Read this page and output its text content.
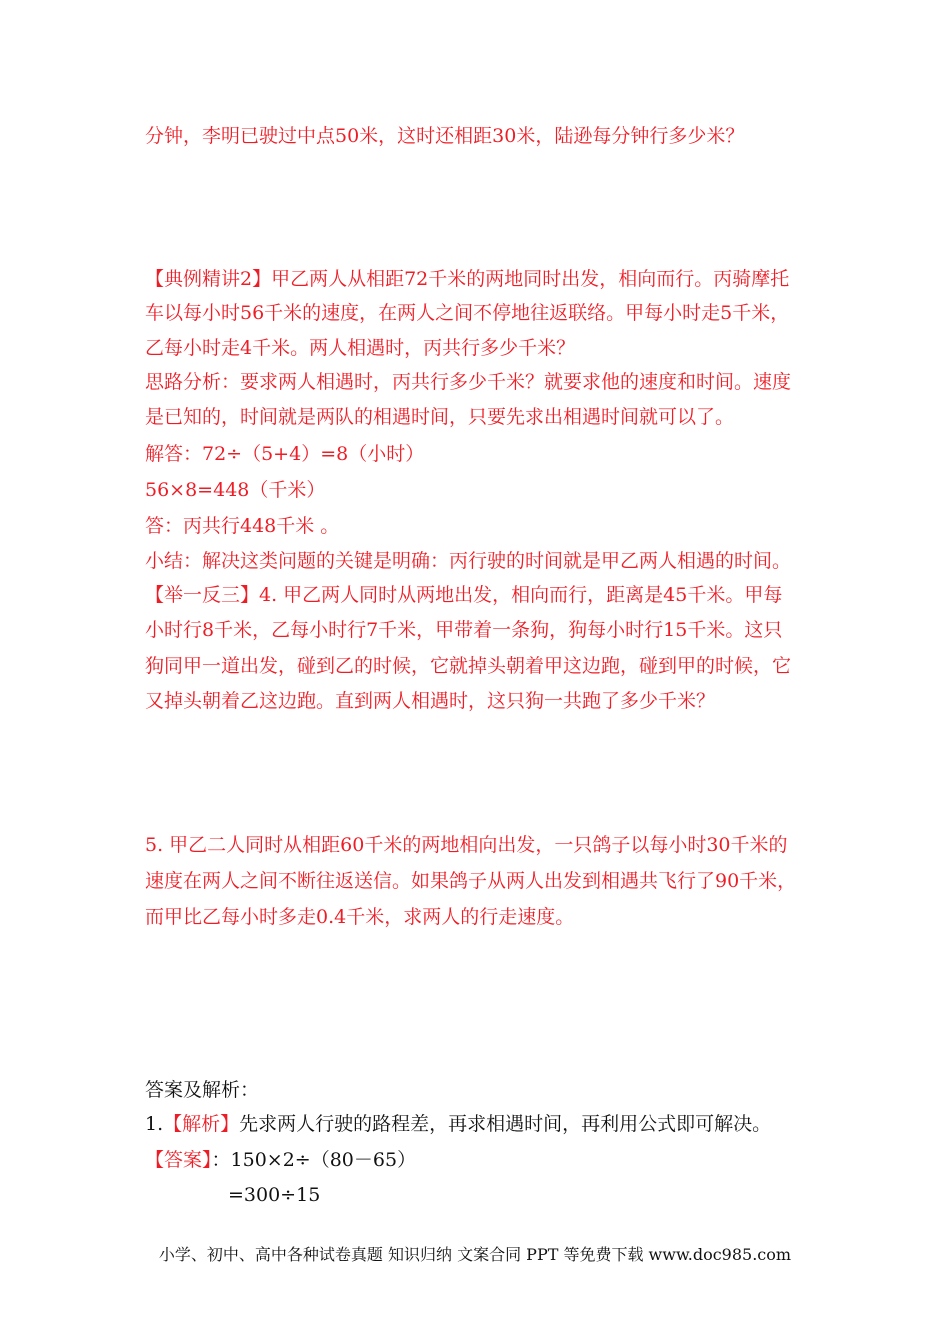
分钟，李明已驶过中点50米，这时还相距30米，陆逊每分钟行多少米？
【典例精讲2】甲乙两人从相距72千米的两地同时出发，相向而行。丙骑摩托
车以每小时56千米的速度，在两人之间不停地往返联络。甲每小时走5千米，
乙每小时走4千米。两人相遇时，丙共行多少千米？
思路分析：要求两人相遇时，丙共行多少千米？就要求他的速度和时间。速度
是已知的，时间就是两队的相遇时间，只要先求出相遇时间就可以了。
解答：72÷（5+4）=8（小时）
56×8=448（千米）
答：丙共行448千米 。
小结：解决这类问题的关键是明确：丙行驶的时间就是甲乙两人相遇的时间。
【举一反三】4. 甲乙两人同时从两地出发，相向而行，距离是45千米。甲每
小时行8千米，乙每小时行7千米，甲带着一条狗，狗每小时行15千米。这只
狗同甲一道出发，碰到乙的时候，它就掉头朝着甲这边跑，碰到甲的时候，它
又掉头朝着乙这边跑。直到两人相遇时，这只狗一共跑了多少千米？
5. 甲乙二人同时从相距60千米的两地相向出发，一只鸽子以每小时30千米的
速度在两人之间不断往返送信。如果鸽子从两人出发到相遇共飞行了90千米，
而甲比乙每小时多走0.4千米，求两人的行走速度。
答案及解析：
1.【解析】先求两人行驶的路程差，再求相遇时间，再利用公式即可解决。
【答案】：150×2÷（80－65）
=300÷15
小学、初中、高中各种试卷真题 知识归纳 文案合同 PPT 等免费下载 www.doc985.com
